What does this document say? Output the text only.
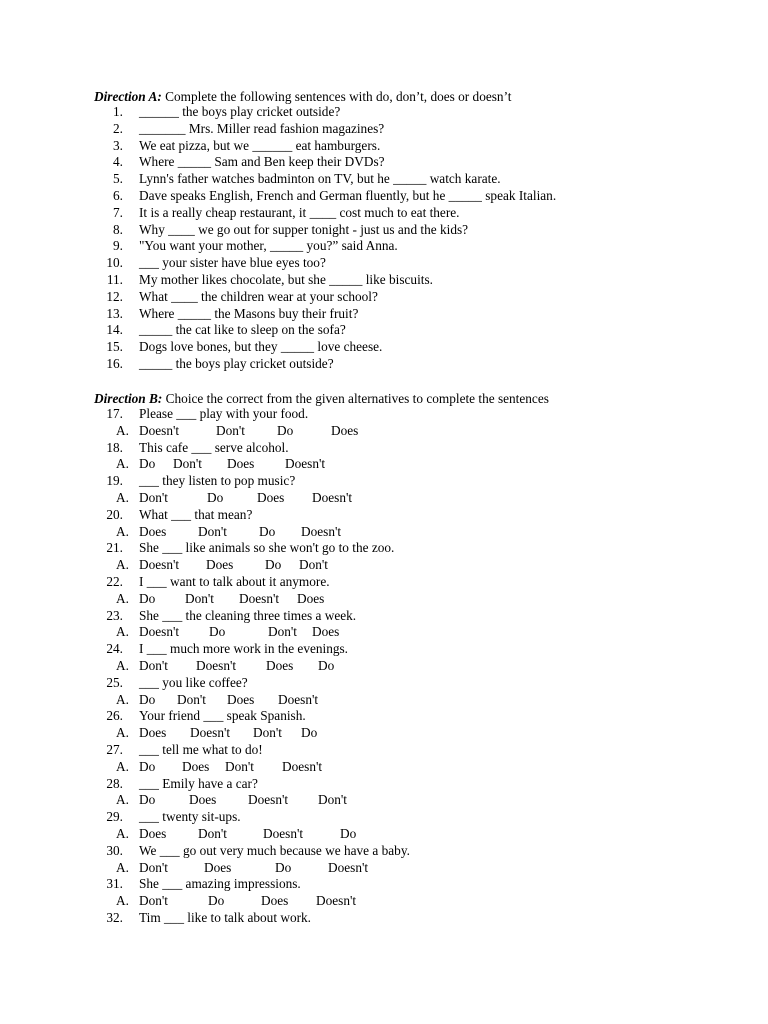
Direction A: Complete the following sentences with do, don’t, does or doesn’t
1. ______ the boys play cricket outside?
2. _______ Mrs. Miller read fashion magazines?
3. We eat pizza, but we ______ eat hamburgers.
4. Where _____ Sam and Ben keep their DVDs?
5. Lynn's father watches badminton on TV, but he _____ watch karate.
6. Dave speaks English, French and German fluently, but he _____ speak Italian.
7. It is a really cheap restaurant, it ____ cost much to eat there.
8. Why ____ we go out for supper tonight - just us and the kids?
9. "You want your mother, _____ you?” said Anna.
10. ___ your sister have blue eyes too?
11. My mother likes chocolate, but she _____ like biscuits.
12. What ____ the children wear at your school?
13. Where _____ the Masons buy their fruit?
14. _____ the cat like to sleep on the sofa?
15. Dogs love bones, but they _____ love cheese.
16. _____ the boys play cricket outside?
Direction B: Choice the correct from the given alternatives to complete the sentences
17. Please ___ play with your food.
A. Doesn't	Don't Do	Does
18. This cafe ___ serve alcohol.
A. Do Don't Does Doesn't
19. ___ they listen to pop music?
A. Don't	Do	Does Doesn't
20. What ___ that mean?
A. Does Don't Do Doesn't
21. She ___ like animals so she won't go to the zoo.
A. Doesn't Does Do Don't
22. I ___ want to talk about it anymore.
A. Do Don't Doesn't Does
23. She ___ the cleaning three times a week.
A. Doesn't Do	Don't Does
24. I ___ much more work in the evenings.
A. Don't Doesn't Does Do
25. ___ you like coffee?
A. Do Don't Does Doesn't
26. Your friend ___ speak Spanish.
A. Does Doesn't Don't Do
27. ___ tell me what to do!
A. Do Does Don't Doesn't
28. ___ Emily have a car?
A. Do	Does Doesn't Don't
29. ___ twenty sit-ups.
A. Does Don't	Doesn't	Do
30. We ___ go out very much because we have a baby.
A. Don't	Does	Do	Doesn't
31. She ___ amazing impressions.
A. Don't	Do	Does Doesn't
32. Tim ___ like to talk about work.
